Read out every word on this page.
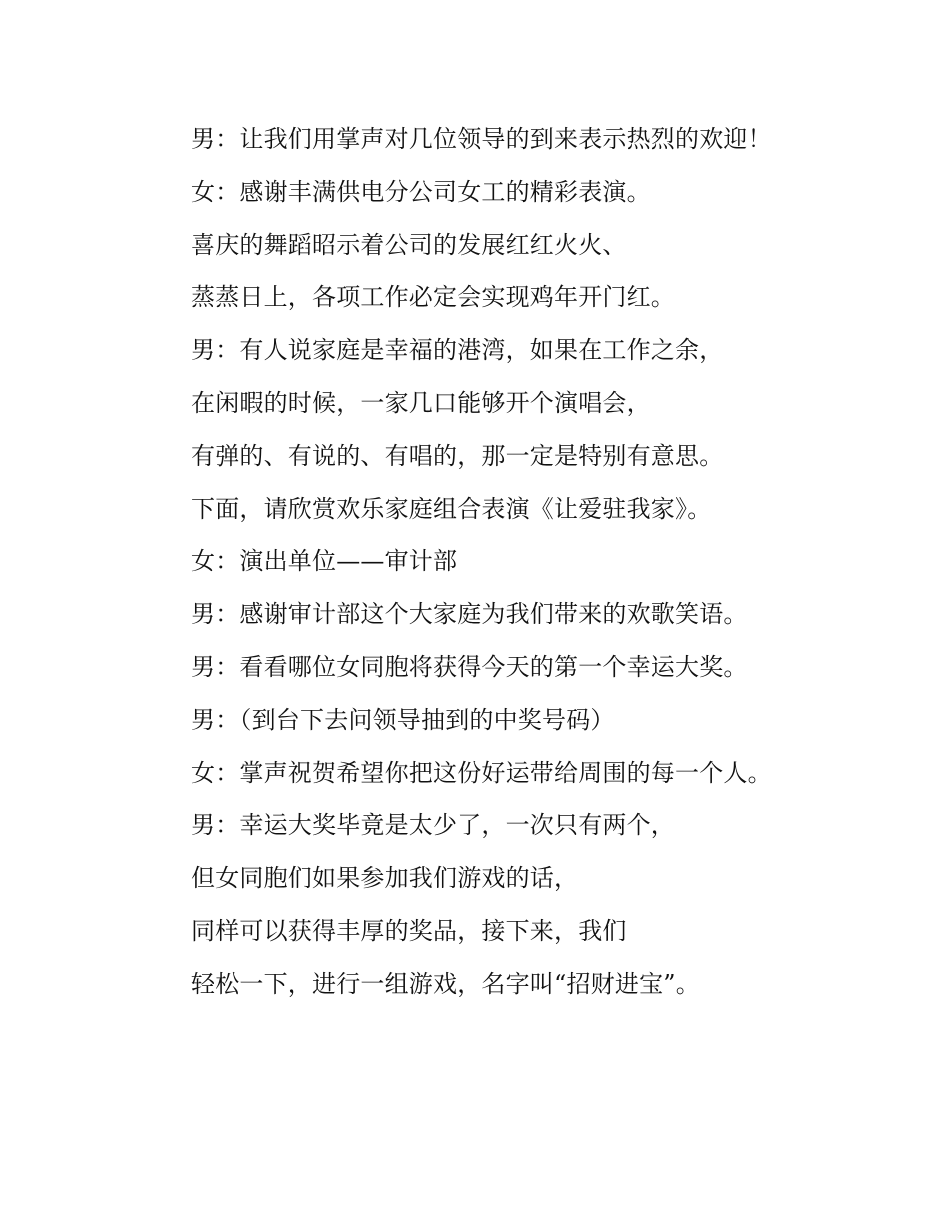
男：让我们用掌声对几位领导的到来表示热烈的欢迎！
女：感谢丰满供电分公司女工的精彩表演。
喜庆的舞蹈昭示着公司的发展红红火火、
蒸蒸日上，各项工作必定会实现鸡年开门红。
男：有人说家庭是幸福的港湾，如果在工作之余，
在闲暇的时候，一家几口能够开个演唱会，
有弹的、有说的、有唱的，那一定是特别有意思。
下面，请欣赏欢乐家庭组合表演《让爱驻我家》。
女：演出单位——审计部
男：感谢审计部这个大家庭为我们带来的欢歌笑语。
男：看看哪位女同胞将获得今天的第一个幸运大奖。
男：（到台下去问领导抽到的中奖号码）
女：掌声祝贺希望你把这份好运带给周围的每一个人。
男：幸运大奖毕竟是太少了，一次只有两个，
但女同胞们如果参加我们游戏的话，
同样可以获得丰厚的奖品，接下来，我们
轻松一下，进行一组游戏，名字叫“招财进宝”。
